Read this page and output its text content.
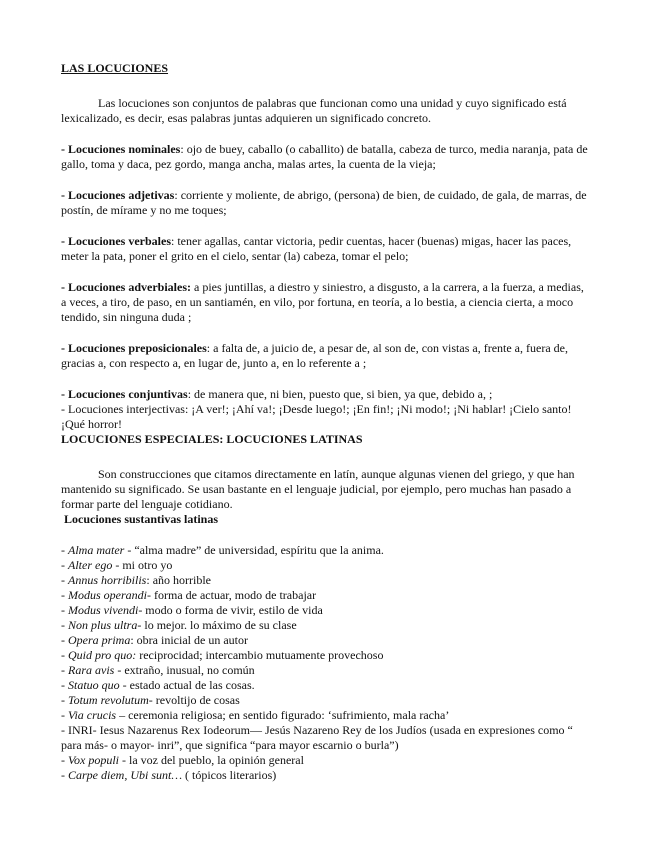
LAS LOCUCIONES

Las locuciones son conjuntos de palabras que funcionan como una unidad y cuyo significado está lexicalizado, es decir, esas palabras juntas adquieren un significado concreto.

- Locuciones nominales: ojo de buey, caballo (o caballito) de batalla, cabeza de turco, media naranja, pata de gallo, toma y daca, pez gordo, manga ancha, malas artes, la cuenta de la vieja;

- Locuciones adjetivas: corriente y moliente, de abrigo, (persona) de bien, de cuidado, de gala, de marras, de postín, de mírame y no me toques;

- Locuciones verbales: tener agallas, cantar victoria, pedir cuentas, hacer (buenas) migas, hacer las paces, meter la pata, poner el grito en el cielo, sentar (la) cabeza, tomar el pelo;

- Locuciones adverbiales: a pies juntillas, a diestro y siniestro, a disgusto, a la carrera, a la fuerza, a medias, a veces, a tiro, de paso, en un santiamén, en vilo, por fortuna, en teoría, a lo bestia, a ciencia cierta, a moco tendido, sin ninguna duda ;

- Locuciones preposicionales: a falta de, a juicio de, a pesar de, al son de, con vistas a, frente a, fuera de, gracias a, con respecto a, en lugar de, junto a, en lo referente a ;

- Locuciones conjuntivas: de manera que, ni bien, puesto que, si bien, ya que, debido a, ;

- Locuciones interjectivas: ¡A ver!; ¡Ahí va!; ¡Desde luego!; ¡En fin!; ¡Ni modo!; ¡Ni hablar! ¡Cielo santo! ¡Qué horror!

LOCUCIONES ESPECIALES: LOCUCIONES LATINAS

Son construcciones que citamos directamente en latín, aunque algunas vienen del griego, y que han mantenido su significado. Se usan bastante en el lenguaje judicial, por ejemplo, pero muchas han pasado a formar parte del lenguaje cotidiano.

Locuciones sustantivas latinas

- Alma mater - “alma madre” de universidad, espíritu que la anima.

- Alter ego - mi otro yo

- Annus horribilis: año horrible

- Modus operandi- forma de actuar, modo de trabajar

- Modus vivendi- modo o forma de vivir, estilo de vida

- Non plus ultra- lo mejor. lo máximo de su clase

- Opera prima: obra inicial de un autor

- Quid pro quo: reciprocidad; intercambio mutuamente provechoso

- Rara avis - extraño, inusual, no común

- Statuo quo - estado actual de las cosas.

- Totum revolutum- revoltijo de cosas

- Via crucis – ceremonia religiosa; en sentido figurado: ‘sufrimiento, mala racha’

- INRI- Iesus Nazarenus Rex Iodeorum— Jesús Nazareno Rey de los Judíos (usada en expresiones como “ para más- o mayor- inri”, que significa “para mayor escarnio o burla”)

- Vox populi - la voz del pueblo, la opinión general

- Carpe diem, Ubi sunt… ( tópicos literarios)
